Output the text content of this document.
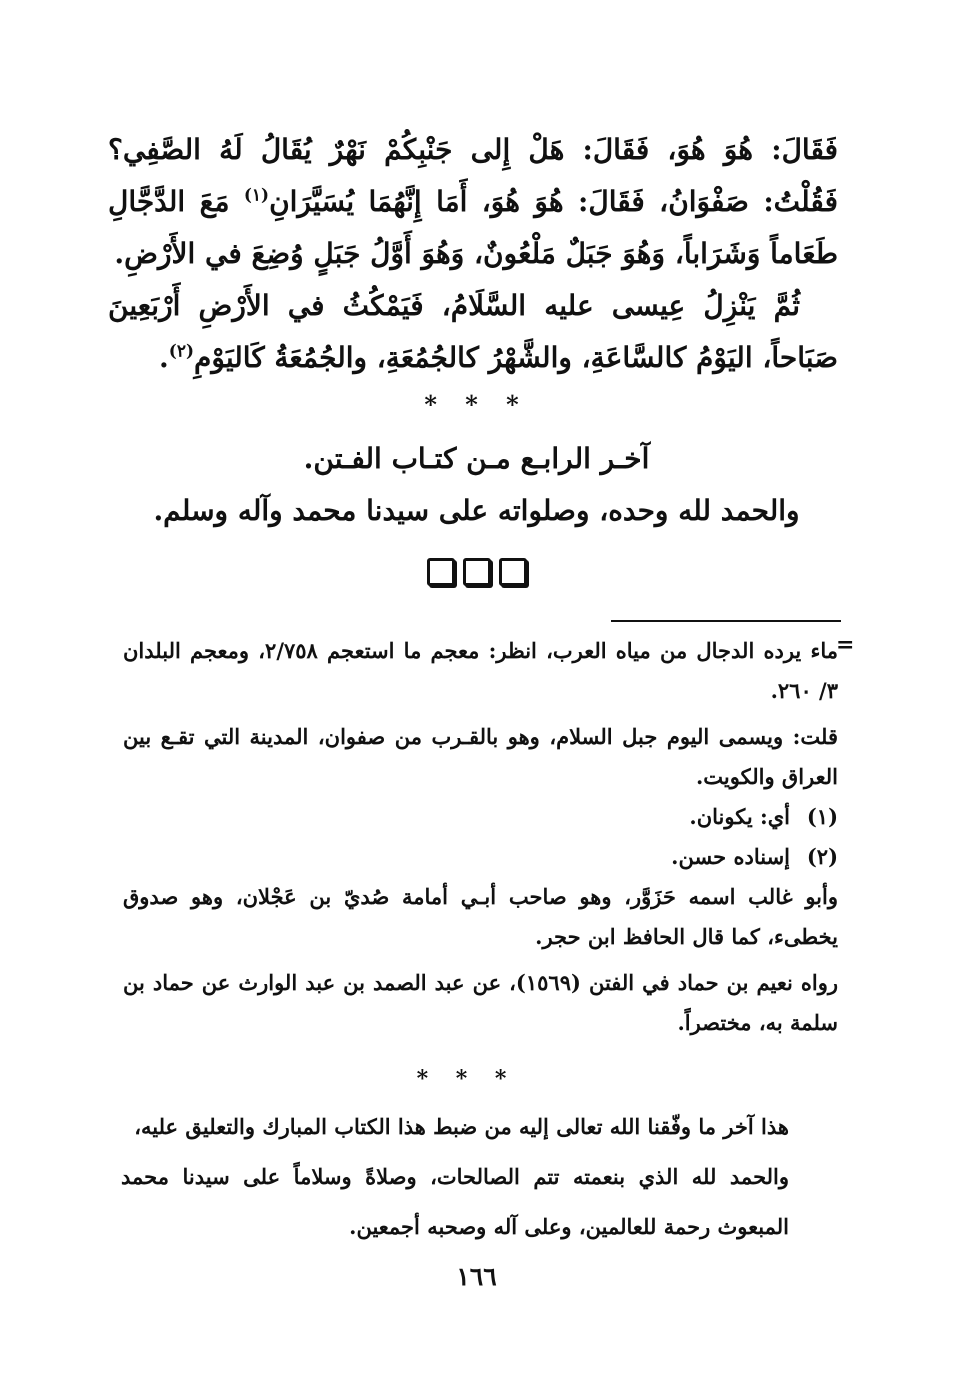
فَقَالَ: هُوَ هُوَ، فَقَالَ: هَلْ إِلى جَنْبِكُمْ نَهْرٌ يُقَالُ لَهُ الصَّفِي؟ فَقُلْتُ: صَفْوَانُ، فَقَالَ: هُوَ هُوَ، أَمَا إِنَّهُمَا يُسَيَّرَانِ$^{(١)}$ مَعَ الدَّجَّالِ طَعَاماً وَشَرَاباً، وَهُوَ جَبَلٌ مَلْعُونٌ، وَهُوَ أَوَّلُ جَبَلٍ وُضِعَ في الأَرْضِ.

ثُمَّ يَنْزِلُ عِيسى عليه السَّلَامُ، فَيَمْكُثُ في الأَرْضِ أَرْبَعِينَ صَبَاحاً، اليَوْمُ كالسَّاعَةِ، والشَّهْرُ كالجُمُعَةِ، والجُمُعَةُ كَاليَوْمِ$^{(٢)}$.

* * *
آخـر الرابـع مـن كتـاب الفـتن.
والحمد لله وحده، وصلواته على سيدنا محمد وآله وسلم.
=

ماء يرده الدجال من مياه العرب، انظر: معجم ما استعجم ٢/٧٥٨، ومعجم البلدان ٣/ ٢٦٠.

قلت: ويسمى اليوم جبل السلام، وهو بالقـرب من صفوان، المدينة التي تقـع بين العراق والكويت.

(١)
أي: يكونان.
(٢)
إسناده حسن.

وأبو غالب اسمه حَزَوَّر، وهو صاحب أبـي أمامة صُديّ بن عَجْلان، وهو صدوق يخطىء، كما قال الحافظ ابن حجر.

رواه نعيم بن حماد في الفتن (١٥٦٩)، عن عبد الصمد بن عبد الوارث عن حماد بن سلمة به، مختصراً.

* * *

هذا آخر ما وفّقنا الله تعالى إليه من ضبط هذا الكتاب المبارك والتعليق عليه،

والحمد لله الذي بنعمته تتم الصالحات، وصلاةً وسلاماً على سيدنا محمد المبعوث رحمة للعالمين، وعلى آله وصحبه أجمعين.

١٦٦
